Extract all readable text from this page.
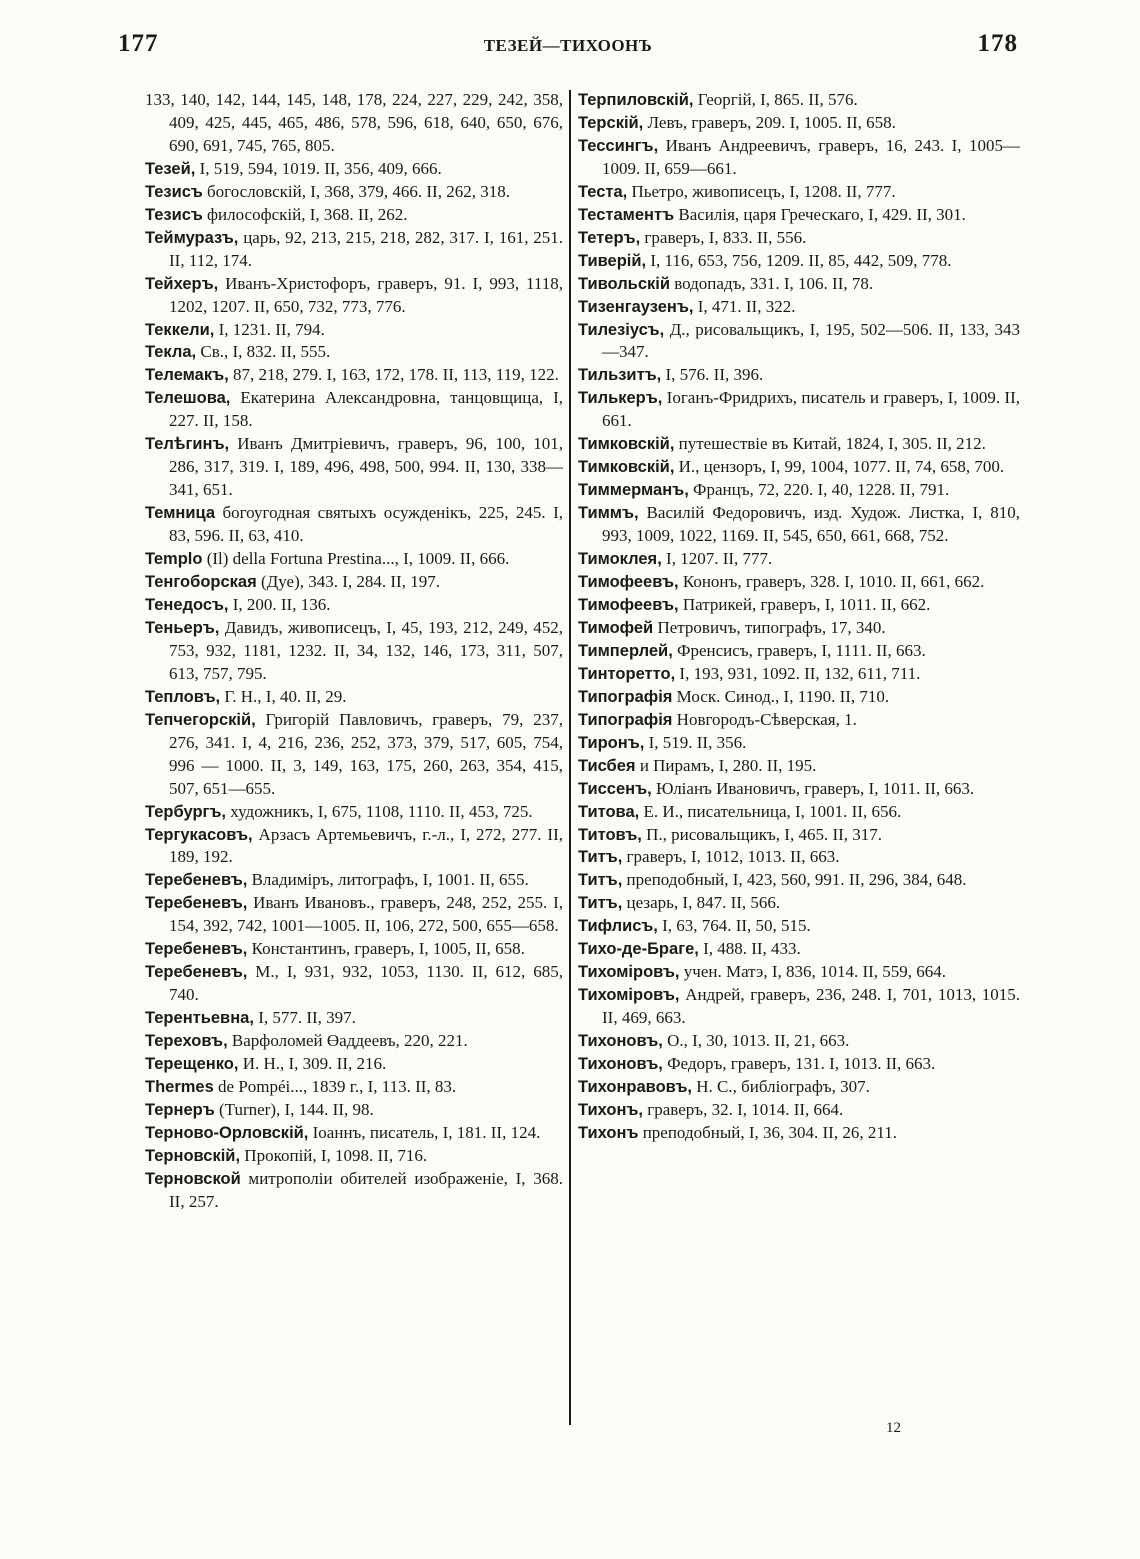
177	ТЕЗЕЙ—ТИХООНЪ	178
133, 140, 142, 144, 145, 148, 178, 224, 227, 229, 242, 358, 409, 425, 445, 465, 486, 578, 596, 618, 640, 650, 676, 690, 691, 745, 765, 805.
Тезей, I, 519, 594, 1019. II, 356, 409, 666.
Тезисъ богословскій, I, 368, 379, 466. II, 262, 318.
Тезисъ философскій, I, 368. II, 262.
Теймуразъ, царь, 92, 213, 215, 218, 282, 317. I, 161, 251. II, 112, 174.
Тейхеръ, Иванъ-Христофоръ, граверъ, 91. I, 993, 1118, 1202, 1207. II, 650, 732, 773, 776.
Теккели, I, 1231. II, 794.
Текла, Св., I, 832. II, 555.
Телемакъ, 87, 218, 279. I, 163, 172, 178. II, 113, 119, 122.
Телешова, Екатерина Александровна, танцовщица, I, 227. II, 158.
Телѣгинъ, Иванъ Дмитріевичъ, граверъ, 96, 100, 101, 286, 317, 319. I, 189, 496, 498, 500, 994. II, 130, 338—341, 651.
Темница богоугодная святыхъ осужденікъ, 225, 245. I, 83, 596. II, 63, 410.
Templo (Il) della Fortuna Prestina..., I, 1009. II, 666.
Тенгоборская (Дуе), 343. I, 284. II, 197.
Тенедосъ, I, 200. II, 136.
Теньеръ, Давидъ, живописецъ, I, 45, 193, 212, 249, 452, 753, 932, 1181, 1232. II, 34, 132, 146, 173, 311, 507, 613, 757, 795.
Тепловъ, Г. Н., I, 40. II, 29.
Тепчегорскій, Григорій Павловичъ, граверъ, 79, 237, 276, 341. I, 4, 216, 236, 252, 373, 379, 517, 605, 754, 996 — 1000. II, 3, 149, 163, 175, 260, 263, 354, 415, 507, 651—655.
Тербургъ, художникъ, I, 675, 1108, 1110. II, 453, 725.
Тергукасовъ, Арзасъ Артемьевичъ, г.-л., I, 272, 277. II, 189, 192.
Теребеневъ, Владиміръ, литографъ, I, 1001. II, 655.
Теребеневъ, Иванъ Ивановъ., граверъ, 248, 252, 255. I, 154, 392, 742, 1001—1005. II, 106, 272, 500, 655—658.
Теребеневъ, Константинъ, граверъ, I, 1005, II, 658.
Теребеневъ, М., I, 931, 932, 1053, 1130. II, 612, 685, 740.
Терентьевна, I, 577. II, 397.
Тереховъ, Варфоломей Өаддеевъ, 220, 221.
Терещенко, И. Н., I, 309. II, 216.
Thermes de Pompéi..., 1839 г., I, 113. II, 83.
Тернеръ (Turner), I, 144. II, 98.
Терново-Орловскій, Іоаннъ, писатель, I, 181. II, 124.
Терновскій, Прокопій, I, 1098. II, 716.
Терновской митрополіи обителей изображеніе, I, 368. II, 257.
Терпиловскій, Георгій, I, 865. II, 576.
Терскій, Левъ, граверъ, 209. I, 1005. II, 658.
Тессингъ, Иванъ Андреевичъ, граверъ, 16, 243. I, 1005—1009. II, 659—661.
Теста, Пьетро, живописецъ, I, 1208. II, 777.
Тестаментъ Василія, царя Греческаго, I, 429. II, 301.
Тетеръ, граверъ, I, 833. II, 556.
Тиверій, I, 116, 653, 756, 1209. II, 85, 442, 509, 778.
Тивольскій водопадъ, 331. I, 106. II, 78.
Тизенгаузенъ, I, 471. II, 322.
Тилезіусъ, Д., рисовальщикъ, I, 195, 502—506. II, 133, 343—347.
Тильзитъ, I, 576. II, 396.
Тилькеръ, Іоганъ-Фридрихъ, писатель и граверъ, I, 1009. II, 661.
Тимковскій, путешествіе въ Китай, 1824, I, 305. II, 212.
Тимковскій, И., цензоръ, I, 99, 1004, 1077. II, 74, 658, 700.
Тиммерманъ, Францъ, 72, 220. I, 40, 1228. II, 791.
Тиммъ, Василій Федоровичъ, изд. Худож. Листка, I, 810, 993, 1009, 1022, 1169. II, 545, 650, 661, 668, 752.
Тимоклея, I, 1207. II, 777.
Тимофеевъ, Кононъ, граверъ, 328. I, 1010. II, 661, 662.
Тимофеевъ, Патрикей, граверъ, I, 1011. II, 662.
Тимофей Петровичъ, типографъ, 17, 340.
Тимперлей, Френсисъ, граверъ, I, 1111. II, 663.
Тинторетто, I, 193, 931, 1092. II, 132, 611, 711.
Типографія Моск. Синод., I, 1190. II, 710.
Типографія Новгородъ-Сѣверская, 1.
Тиронъ, I, 519. II, 356.
Тисбея и Пирамъ, I, 280. II, 195.
Тиссенъ, Юліанъ Ивановичъ, граверъ, I, 1011. II, 663.
Титова, Е. И., писательница, I, 1001. II, 656.
Титовъ, П., рисовальщикъ, I, 465. II, 317.
Титъ, граверъ, I, 1012, 1013. II, 663.
Титъ, преподобный, I, 423, 560, 991. II, 296, 384, 648.
Титъ, цезарь, I, 847. II, 566.
Тифлисъ, I, 63, 764. II, 50, 515.
Тихо-де-Браге, I, 488. II, 433.
Тихоміровъ, учен. Матэ, I, 836, 1014. II, 559, 664.
Тихоміровъ, Андрей, граверъ, 236, 248. I, 701, 1013, 1015. II, 469, 663.
Тихоновъ, О., I, 30, 1013. II, 21, 663.
Тихоновъ, Федоръ, граверъ, 131. I, 1013. II, 663.
Тихонравовъ, Н. С., библіографъ, 307.
Тихонъ, граверъ, 32. I, 1014. II, 664.
Тихонъ преподобный, I, 36, 304. II, 26, 211.
12
